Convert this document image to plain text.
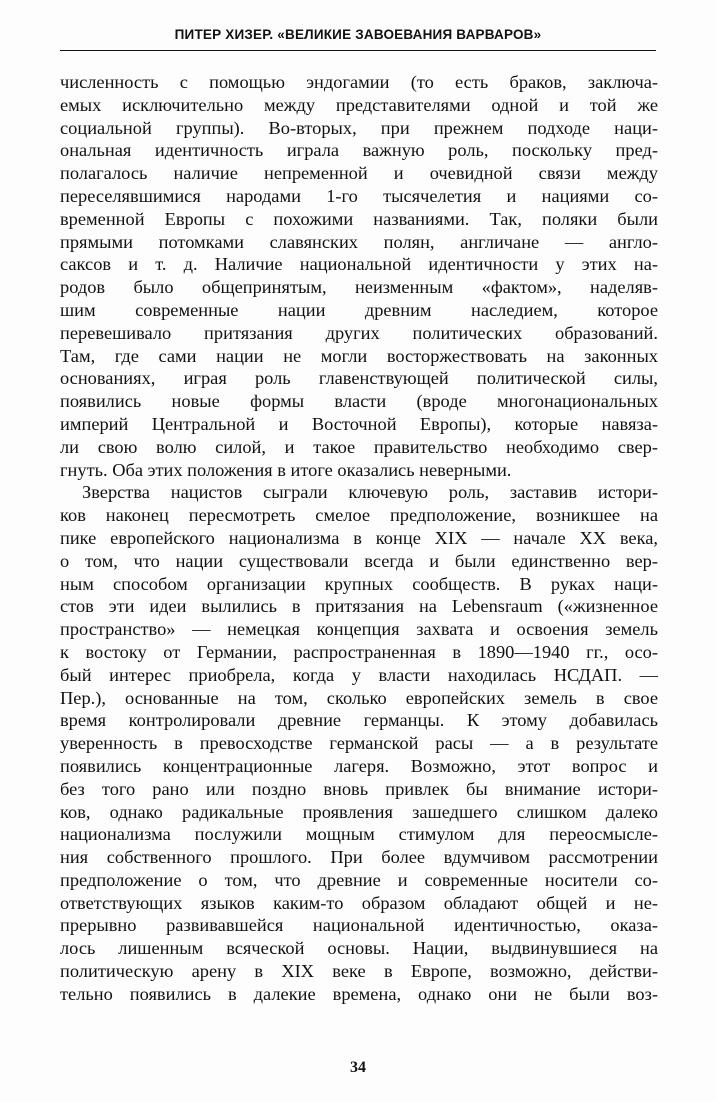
ПИТЕР ХИЗЕР. «ВЕЛИКИЕ ЗАВОЕВАНИЯ ВАРВАРОВ»
численность с помощью эндогамии (то есть браков, заключа-
емых исключительно между представителями одной и той же
социальной группы). Во-вторых, при прежнем подходе наци-
ональная идентичность играла важную роль, поскольку пред-
полагалось наличие непременной и очевидной связи между
переселявшимися народами 1-го тысячелетия и нациями со-
временной Европы с похожими названиями. Так, поляки были
прямыми потомками славянских полян, англичане — англо-
саксов и т. д. Наличие национальной идентичности у этих на-
родов было общепринятым, неизменным «фактом», наделяв-
шим современные нации древним наследием, которое
перевешивало притязания других политических образований.
Там, где сами нации не могли восторжествовать на законных
основаниях, играя роль главенствующей политической силы,
появились новые формы власти (вроде многонациональных
империй Центральной и Восточной Европы), которые навяза-
ли свою волю силой, и такое правительство необходимо свер-
гнуть. Оба этих положения в итоге оказались неверными.
Зверства нацистов сыграли ключевую роль, заставив истори-
ков наконец пересмотреть смелое предположение, возникшее на
пике европейского национализма в конце XIX — начале XX века,
о том, что нации существовали всегда и были единственно вер-
ным способом организации крупных сообществ. В руках наци-
стов эти идеи вылились в притязания на Lebensraum («жизненное
пространство» — немецкая концепция захвата и освоения земель
к востоку от Германии, распространенная в 1890—1940 гг., осо-
бый интерес приобрела, когда у власти находилась НСДАП. —
Пер.), основанные на том, сколько европейских земель в свое
время контролировали древние германцы. К этому добавилась
уверенность в превосходстве германской расы — а в результате
появились концентрационные лагеря. Возможно, этот вопрос и
без того рано или поздно вновь привлек бы внимание истори-
ков, однако радикальные проявления зашедшего слишком далеко
национализма послужили мощным стимулом для переосмысле-
ния собственного прошлого. При более вдумчивом рассмотрении
предположение о том, что древние и современные носители со-
ответствующих языков каким-то образом обладают общей и не-
прерывно развивавшейся национальной идентичностью, оказа-
лось лишенным всяческой основы. Нации, выдвинувшиеся на
политическую арену в XIX веке в Европе, возможно, действи-
тельно появились в далекие времена, однако они не были воз-
34
